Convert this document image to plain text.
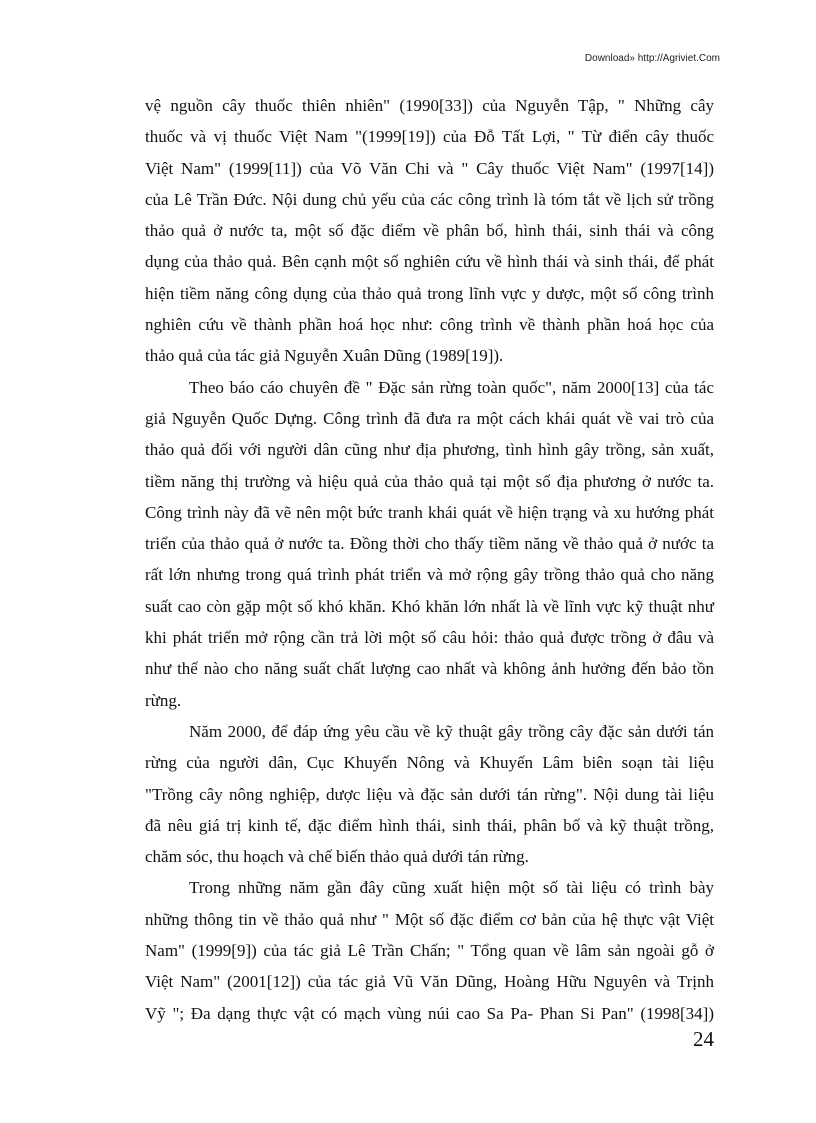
Download» http://Agriviet.Com
vệ nguồn cây thuốc thiên nhiên" (1990[33]) của Nguyễn Tập, " Những cây
thuốc và vị thuốc Việt Nam "(1999[19]) của Đỗ Tất Lợi, " Từ điển cây thuốc
Việt Nam" (1999[11]) của Võ Văn Chi và " Cây thuốc Việt Nam" (1997[14])
của Lê Trần Đức. Nội dung chủ yếu của các công trình là tóm tắt về lịch sử trồng
thảo quả ở nước ta, một số đặc điểm về phân bố, hình thái, sinh thái và công
dụng của thảo quả. Bên cạnh một số nghiên cứu về hình thái và sinh thái, để phát
hiện tiềm năng công dụng của thảo quả trong lĩnh vực y dược, một số công trình
nghiên cứu về thành phần hoá học như: công trình về thành phần hoá học của
thảo quả của tác giả Nguyễn Xuân Dũng (1989[19]).
Theo báo cáo chuyên đề " Đặc sản rừng toàn quốc", năm 2000[13] của tác
giả Nguyễn Quốc Dựng. Công trình đã đưa ra một cách khái quát về vai trò của
thảo quả đối với người dân cũng như địa phương, tình hình gây trồng, sản xuất,
tiềm năng thị trường và hiệu quả của thảo quả tại một số địa phương ở nước ta.
Công trình này đã vẽ nên một bức tranh khái quát về hiện trạng và xu hướng phát
triển của thảo quả ở nước ta. Đồng thời cho thấy tiềm năng về thảo quả ở nước ta
rất lớn nhưng trong quá trình phát triển và mở rộng gây trồng thảo quả cho năng
suất cao còn gặp một số khó khăn. Khó khăn lớn nhất là về lĩnh vực kỹ thuật như
khi phát triển mở rộng cần trả lời một số câu hỏi: thảo quả được trồng ở đâu và
như thế nào cho năng suất chất lượng cao nhất và không ảnh hưởng đến bảo tồn
rừng.
Năm 2000, để đáp ứng yêu cầu về kỹ thuật gây trồng cây đặc sản dưới tán
rừng của người dân, Cục Khuyến Nông và Khuyến Lâm biên soạn tài liệu
"Trồng cây nông nghiệp, dược liệu và đặc sản dưới tán rừng". Nội dung tài liệu
đã nêu giá trị kinh tế, đặc điểm hình thái, sinh thái, phân bố và kỹ thuật trồng,
chăm sóc, thu hoạch và chế biến thảo quả dưới tán rừng.
Trong những năm gần đây cũng xuất hiện một số tài liệu có trình bày
những thông tin về thảo quả như " Một số đặc điểm cơ bản của hệ thực vật Việt
Nam" (1999[9]) của tác giả Lê Trần Chấn; " Tổng quan về lâm sản ngoài gỗ ở
Việt Nam" (2001[12]) của tác giả Vũ Văn Dũng, Hoàng Hữu Nguyên và Trịnh
Vỹ "; Đa dạng thực vật có mạch vùng núi cao Sa Pa- Phan Si Pan" (1998[34])
24
